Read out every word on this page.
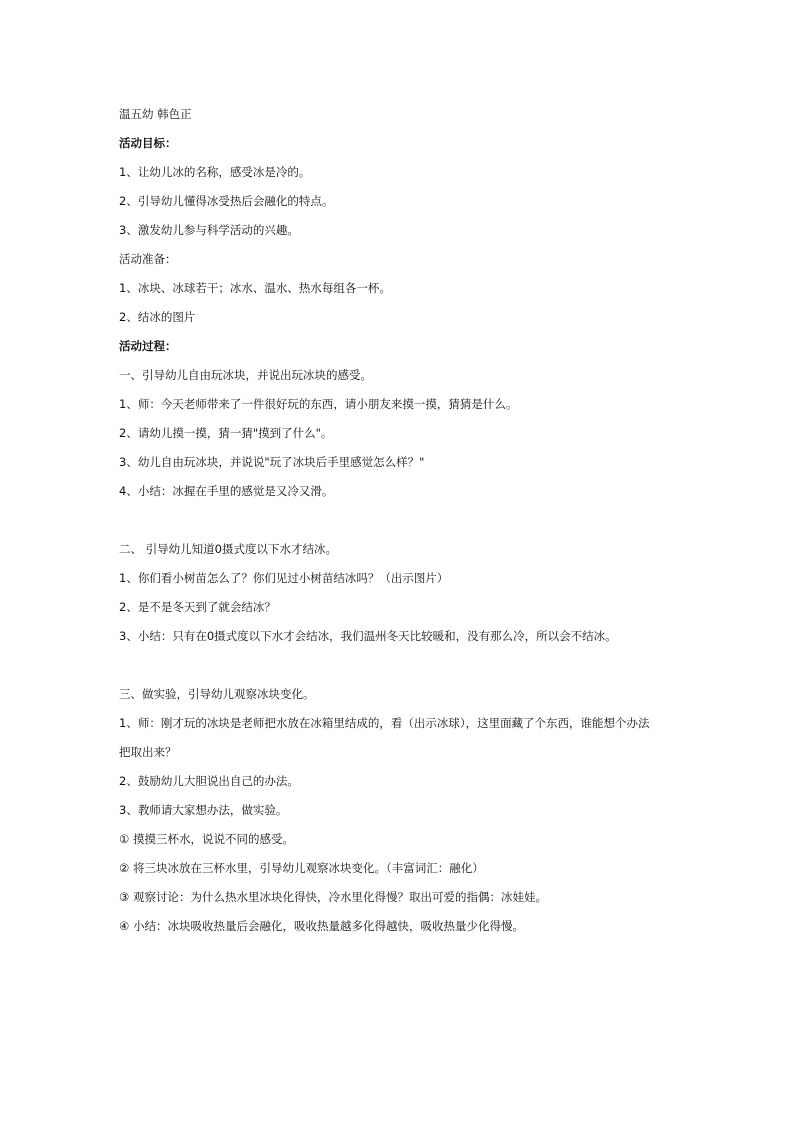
温五幼 韩色正
活动目标：
1、让幼儿冰的名称，感受冰是冷的。
2、引导幼儿懂得冰受热后会融化的特点。
3、激发幼儿参与科学活动的兴趣。
活动准备：
1、冰块、冰球若干；冰水、温水、热水每组各一杯。
2、结冰的图片
活动过程：
一、引导幼儿自由玩冰块，并说出玩冰块的感受。
1、师：今天老师带来了一件很好玩的东西，请小朋友来摸一摸，猜猜是什么。
2、请幼儿摸一摸，猜一猜"摸到了什么"。
3、幼儿自由玩冰块，并说说"玩了冰块后手里感觉怎么样？"
4、小结：冰握在手里的感觉是又冷又滑。
二、 引导幼儿知道0摄式度以下水才结冰。
1、你们看小树苗怎么了？你们见过小树苗结冰吗？（出示图片）
2、是不是冬天到了就会结冰？
3、小结：只有在0摄式度以下水才会结冰，我们温州冬天比较暖和，没有那么冷，所以会不结冰。
三、做实验，引导幼儿观察冰块变化。
1、师：刚才玩的冰块是老师把水放在冰箱里结成的，看（出示冰球），这里面藏了个东西，谁能想个办法
把取出来？
2、鼓励幼儿大胆说出自己的办法。
3、教师请大家想办法，做实验。
① 摸摸三杯水，说说不同的感受。
② 将三块冰放在三杯水里，引导幼儿观察冰块变化。（丰富词汇：融化）
③ 观察讨论：为什么热水里冰块化得快，冷水里化得慢？取出可爱的指偶：冰娃娃。
④ 小结：冰块吸收热量后会融化，吸收热量越多化得越快，吸收热量少化得慢。
